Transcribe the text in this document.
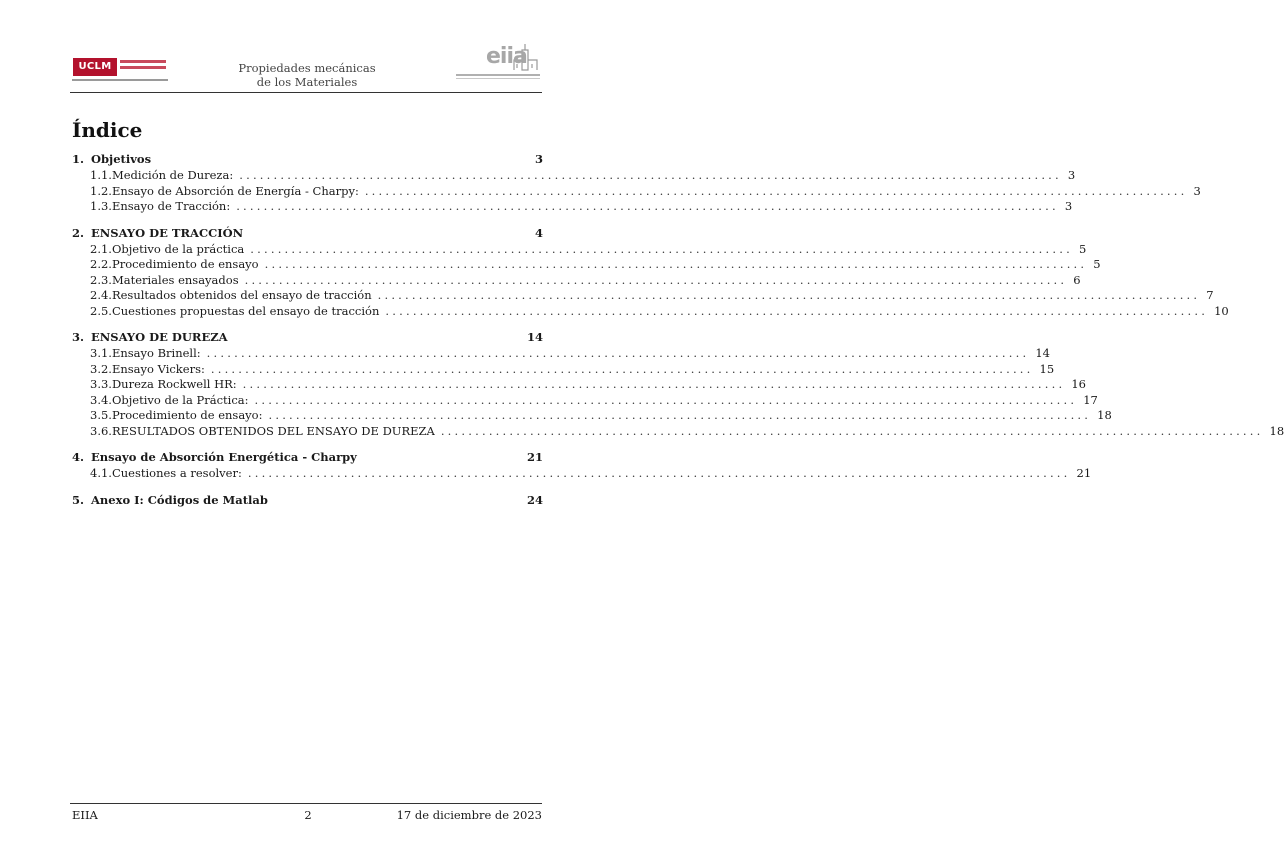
UCLM	Propiedades mecánicas
de los Materiales
eiia
Índice
1. Objetivos	3
1.1. Medición de Dureza: ........................................................................................................................ 3
1.2. Ensayo de Absorción de Energía - Charpy: ........................................................................................................................ 3
1.3. Ensayo de Tracción: ........................................................................................................................ 3
2. ENSAYO DE TRACCIÓN	4
2.1. Objetivo de la práctica ........................................................................................................................ 5
2.2. Procedimiento de ensayo ........................................................................................................................ 5
2.3. Materiales ensayados ........................................................................................................................ 6
2.4. Resultados obtenidos del ensayo de tracción ........................................................................................................................ 7
2.5. Cuestiones propuestas del ensayo de tracción ........................................................................................................................ 10
3. ENSAYO DE DUREZA	14
3.1. Ensayo Brinell: ........................................................................................................................ 14
3.2. Ensayo Vickers: ........................................................................................................................ 15
3.3. Dureza Rockwell HR: ........................................................................................................................ 16
3.4. Objetivo de la Práctica: ........................................................................................................................ 17
3.5. Procedimiento de ensayo: ........................................................................................................................ 18
3.6. RESULTADOS OBTENIDOS DEL ENSAYO DE DUREZA ........................................................................................................................ 18
4. Ensayo de Absorción Energética - Charpy	21
4.1. Cuestiones a resolver: ........................................................................................................................ 21
5. Anexo I: Códigos de Matlab	24
EIIA	2	17 de diciembre de 2023
